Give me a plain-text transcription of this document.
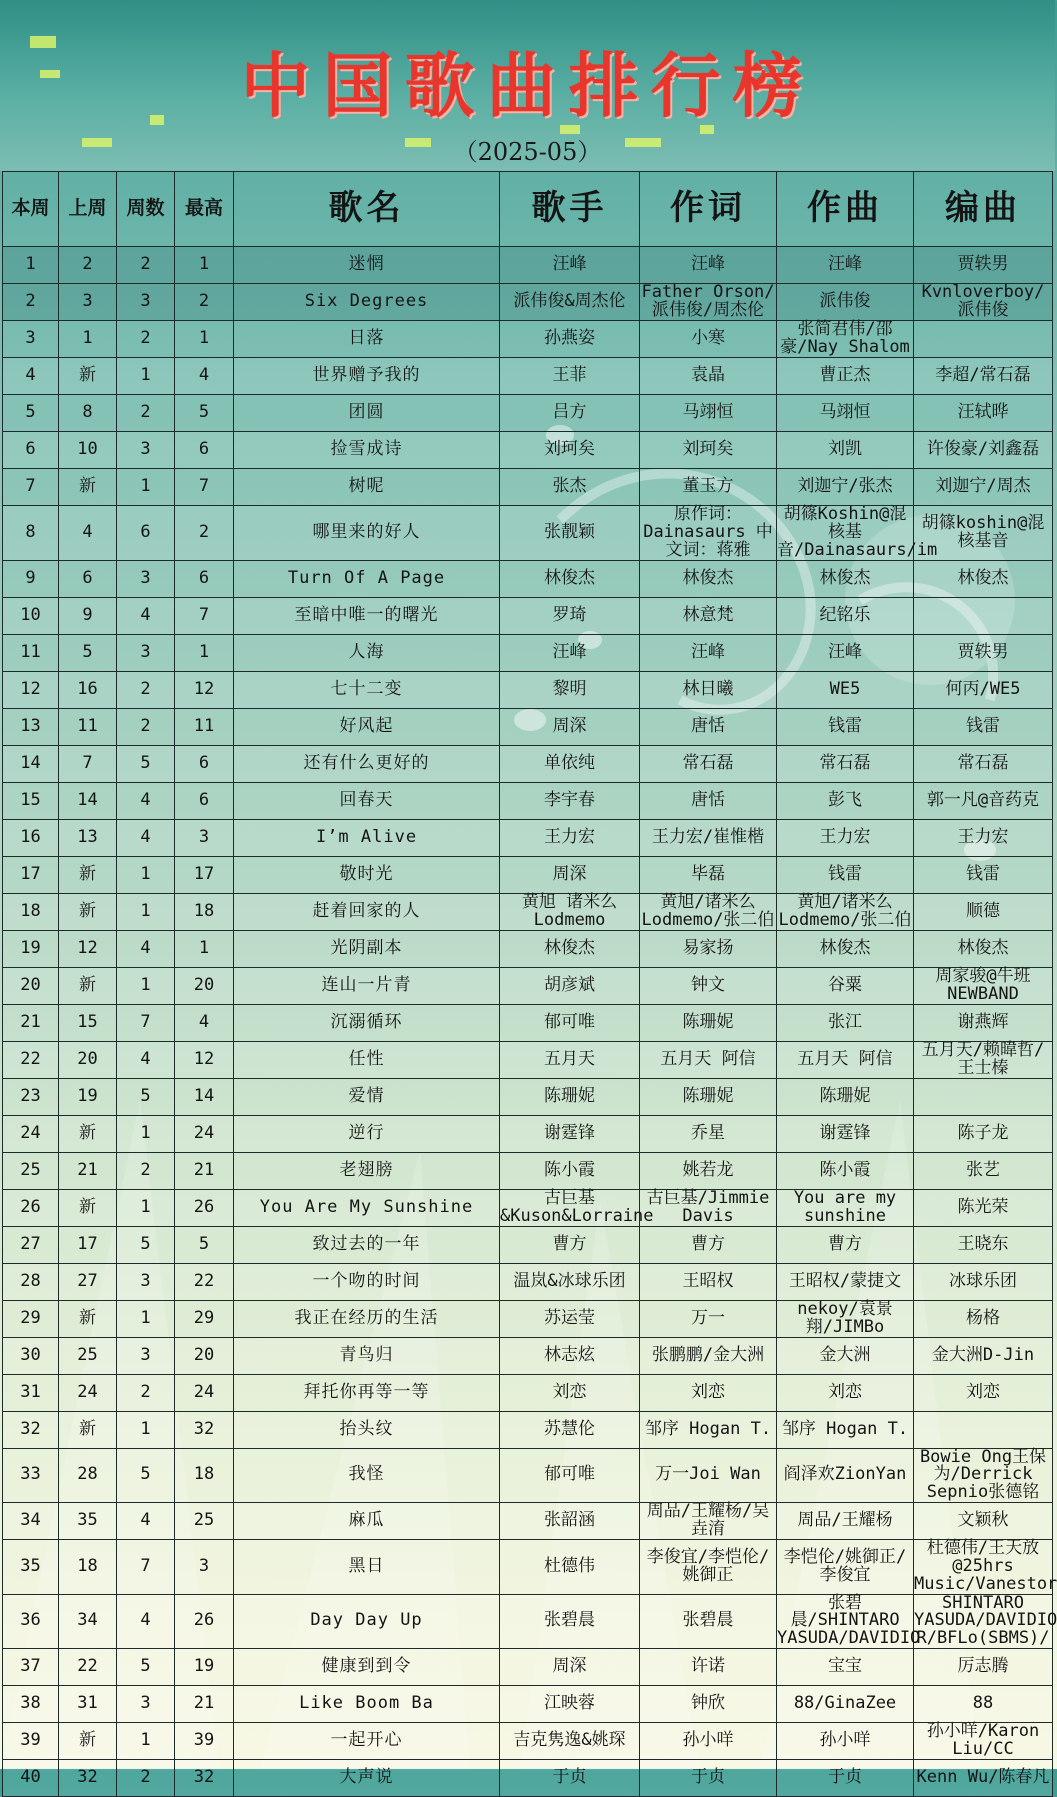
中国歌曲排行榜
（2025-05）
本周	上周	周数	最高	歌名	歌手	作词	作曲	编曲
1	2	2	1	迷惘	汪峰	汪峰	汪峰	贾轶男
2	3	3	2	Six Degrees	派伟俊&周杰伦	Father Orson/派伟俊/周杰伦	派伟俊	Kvnloverboy/派伟俊
3	1	2	1	日落	孙燕姿	小寒	张简君伟/邵豪/Nay Shalom	
4	新	1	4	世界赠予我的	王菲	袁晶	曹正杰	李超/常石磊
5	8	2	5	团圆	吕方	马翊恒	马翊恒	汪轼晔
6	10	3	6	捡雪成诗	刘珂矣	刘珂矣	刘凯	许俊豪/刘鑫磊
7	新	1	7	树呢	张杰	董玉方	刘迦宁/张杰	刘迦宁/周杰
8	4	6	2	哪里来的好人	张靓颖	原作词：Dainasaurs 中文词：蒋雅	胡篠Koshin@混核基音/Dainasaurs/im	胡篠koshin@混核基音
9	6	3	6	Turn Of A Page	林俊杰	林俊杰	林俊杰	林俊杰
10	9	4	7	至暗中唯一的曙光	罗琦	林意梵	纪铭乐	
11	5	3	1	人海	汪峰	汪峰	汪峰	贾轶男
12	16	2	12	七十二变	黎明	林日曦	WE5	何丙/WE5
13	11	2	11	好风起	周深	唐恬	钱雷	钱雷
14	7	5	6	还有什么更好的	单依纯	常石磊	常石磊	常石磊
15	14	4	6	回春天	李宇春	唐恬	彭飞	郭一凡@音药克
16	13	4	3	I’m Alive	王力宏	王力宏/崔惟楷	王力宏	王力宏
17	新	1	17	敬时光	周深	毕磊	钱雷	钱雷
18	新	1	18	赶着回家的人	黄旭 诸米么Lodmemo	黄旭/诸米么Lodmemo/张二伯	黄旭/诸米么Lodmemo/张二伯	顺德
19	12	4	1	光阴副本	林俊杰	易家扬	林俊杰	林俊杰
20	新	1	20	连山一片青	胡彦斌	钟文	谷粟	周家骏@牛班NEWBAND
21	15	7	4	沉溺循环	郁可唯	陈珊妮	张江	谢燕辉
22	20	4	12	任性	五月天	五月天 阿信	五月天 阿信	五月天/赖暐哲/王士榛
23	19	5	14	爱情	陈珊妮	陈珊妮	陈珊妮	
24	新	1	24	逆行	谢霆锋	乔星	谢霆锋	陈子龙
25	21	2	21	老翅膀	陈小霞	姚若龙	陈小霞	张艺
26	新	1	26	You Are My Sunshine	古巨基&Kuson&Lorraine	古巨基/Jimmie Davis	You are my sunshine	陈光荣
27	17	5	5	致过去的一年	曹方	曹方	曹方	王晓东
28	27	3	22	一个吻的时间	温岚&冰球乐团	王昭权	王昭权/蒙捷文	冰球乐团
29	新	1	29	我正在经历的生活	苏运莹	万一	nekoy/袁景翔/JIMBo	杨格
30	25	3	20	青鸟归	林志炫	张鹏鹏/金大洲	金大洲	金大洲D-Jin
31	24	2	24	拜托你再等一等	刘恋	刘恋	刘恋	刘恋
32	新	1	32	抬头纹	苏慧伦	邹序 Hogan T.	邹序 Hogan T.	
33	28	5	18	我怪	郁可唯	万一Joi Wan	阎泽欢ZionYan	Bowie Ong王保为/Derrick Sepnio张德铭
34	35	4	25	麻瓜	张韶涵	周品/王耀杨/吴垚淯	周品/王耀杨	文颖秋
35	18	7	3	黑日	杜德伟	李俊宜/李恺伦/姚御正	李恺伦/姚御正/李俊宜	杜德伟/王天放@25hrs Music/Vanestor
36	34	4	26	Day Day Up	张碧晨	张碧晨	张碧晨/SHINTARO YASUDA/DAVIDIO	SHINTARO YASUDA/DAVIDIO R/BFLo(SBMS)/
37	22	5	19	健康到到令	周深	许诺	宝宝	厉志腾
38	31	3	21	Like Boom Ba	江映蓉	钟欣	88/GinaZee	88
39	新	1	39	一起开心	吉克隽逸&姚琛	孙小咩	孙小咩	孙小咩/Karon Liu/CC
40	32	2	32	大声说	于贞	于贞	于贞	Kenn Wu/陈春凡
